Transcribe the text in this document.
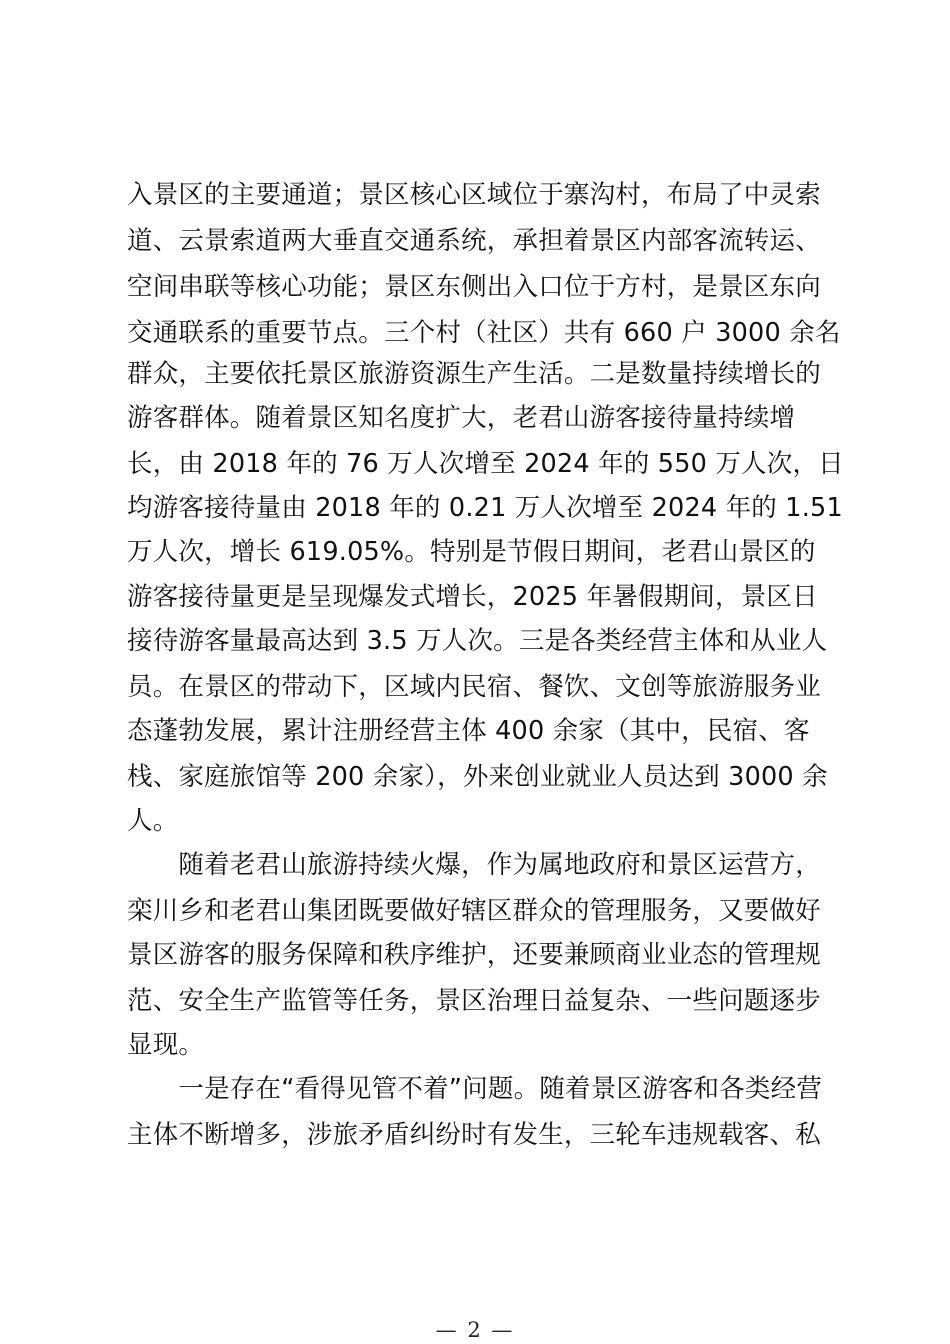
入景区的主要通道；景区核心区域位于寨沟村，布局了中灵索
道、云景索道两大垂直交通系统，承担着景区内部客流转运、
空间串联等核心功能；景区东侧出入口位于方村，是景区东向
交通联系的重要节点。三个村（社区）共有 660 户 3000 余名
群众，主要依托景区旅游资源生产生活。二是数量持续增长的
游客群体。随着景区知名度扩大，老君山游客接待量持续增
长，由 2018 年的 76 万人次增至 2024 年的 550 万人次，日
均游客接待量由 2018 年的 0.21 万人次增至 2024 年的 1.51
万人次，增长 619.05%。特别是节假日期间，老君山景区的
游客接待量更是呈现爆发式增长，2025 年暑假期间，景区日
接待游客量最高达到 3.5 万人次。三是各类经营主体和从业人
员。在景区的带动下，区域内民宿、餐饮、文创等旅游服务业
态蓬勃发展，累计注册经营主体 400 余家（其中，民宿、客
栈、家庭旅馆等 200 余家），外来创业就业人员达到 3000 余
人。
　　随着老君山旅游持续火爆，作为属地政府和景区运营方，
栾川乡和老君山集团既要做好辖区群众的管理服务，又要做好
景区游客的服务保障和秩序维护，还要兼顾商业业态的管理规
范、安全生产监管等任务，景区治理日益复杂、一些问题逐步
显现。
　　一是存在“看得见管不着”问题。随着景区游客和各类经营
主体不断增多，涉旅矛盾纠纷时有发生，三轮车违规载客、私
— 2 —
